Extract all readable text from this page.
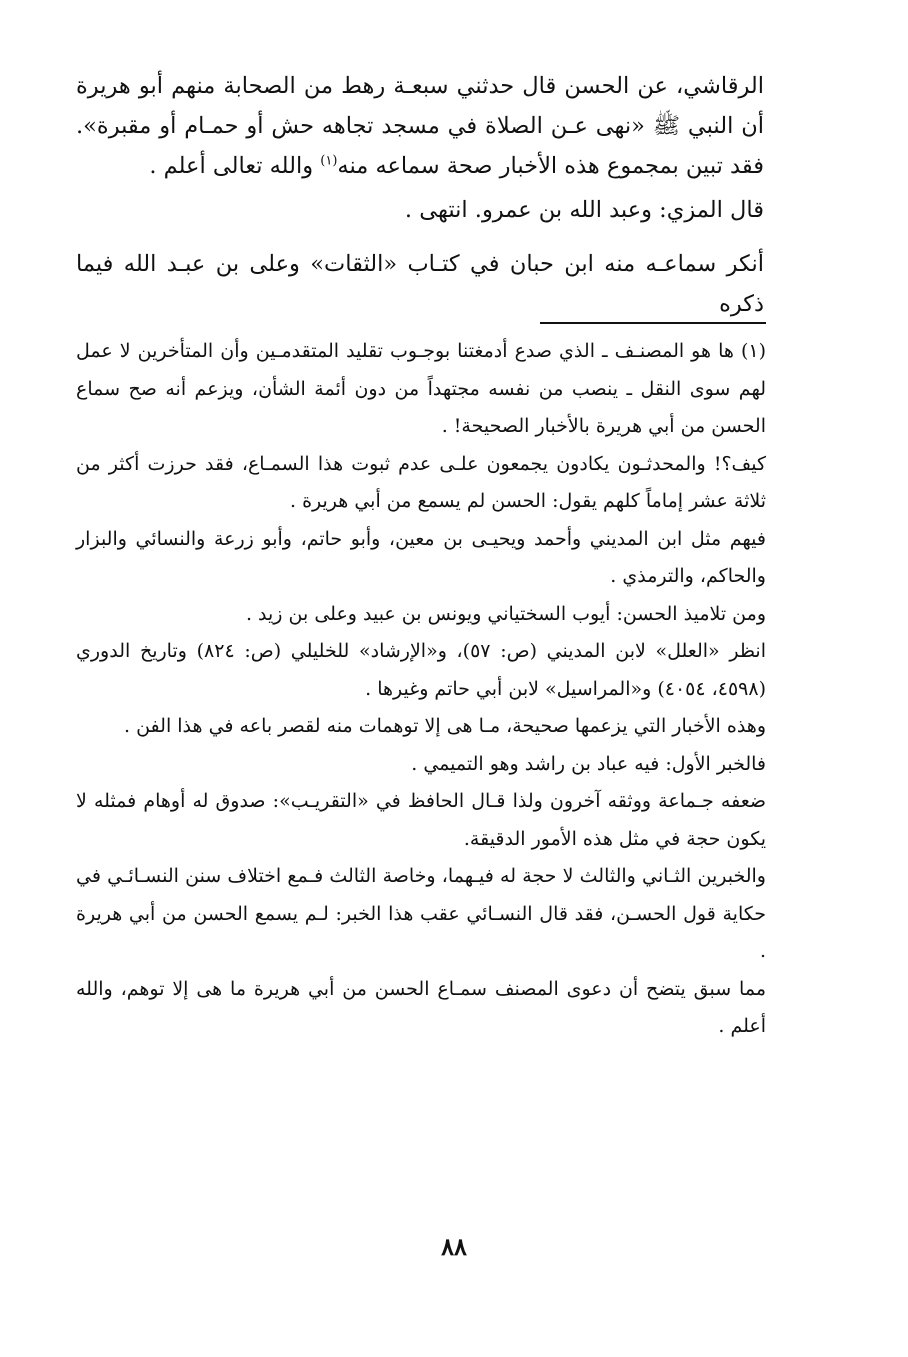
الرقاشي، عن الحسن قال حدثني سبعـة رهط من الصحابة منهم أبو هريرة أن النبي ﷺ «نهى عـن الصلاة في مسجد تجاهه حش أو حمـام أو مقبرة». فقد تبين بمجموع هذه الأخبار صحة سماعه منه$^{(١)}$ والله تعالى أعلم .

قال المزي: وعبد الله بن عمرو. انتهى .

أنكر سماعـه منه ابن حبان في كتـاب «الثقات» وعلى بن عبـد الله فيما ذكره

(١) ها هو المصنـف ـ الذي صدع أدمغتنا بوجـوب تقليد المتقدمـين وأن المتأخرين لا عمل لهم سوى النقل ـ ينصب من نفسه مجتهداً من دون أئمة الشأن، ويزعم أنه صح سماع الحسن من أبي هريرة بالأخبار الصحيحة! .

كيف؟! والمحدثـون يكادون يجمعون علـى عدم ثبوت هذا السمـاع، فقد حرزت أكثر من ثلاثة عشر إماماً كلهم يقول: الحسن لم يسمع من أبي هريرة .

فيهم مثل ابن المديني وأحمد ويحيـى بن معين، وأبو حاتم، وأبو زرعة والنسائي والبزار والحاكم، والترمذي .

ومن تلاميذ الحسن: أيوب السختياني ويونس بن عبيد وعلى بن زيد .

انظر «العلل» لابن المديني (ص: ٥٧)، و«الإرشاد» للخليلي (ص: ٨٢٤) وتاريخ الدوري (٤٥٩٨، ٤٠٥٤) و«المراسيل» لابن أبي حاتم وغيرها .

وهذه الأخبار التي يزعمها صحيحة، مـا هى إلا توهمات منه لقصر باعه في هذا الفن .

فالخبر الأول: فيه عباد بن راشد وهو التميمي .

ضعفه جـماعة ووثقه آخرون ولذا قـال الحافظ في «التقريـب»: صدوق له أوهام فمثله لا يكون حجة في مثل هذه الأمور الدقيقة.

والخبرين الثـاني والثالث لا حجة له فيـهما، وخاصة الثالث فـمع اختلاف سنن النسـائـي في حكاية قول الحسـن، فقد قال النسـائي عقب هذا الخبر: لـم يسمع الحسن من أبي هريرة .

مما سبق يتضح أن دعوى المصنف سمـاع الحسن من أبي هريرة ما هى إلا توهم، والله أعلم .

٨٨
